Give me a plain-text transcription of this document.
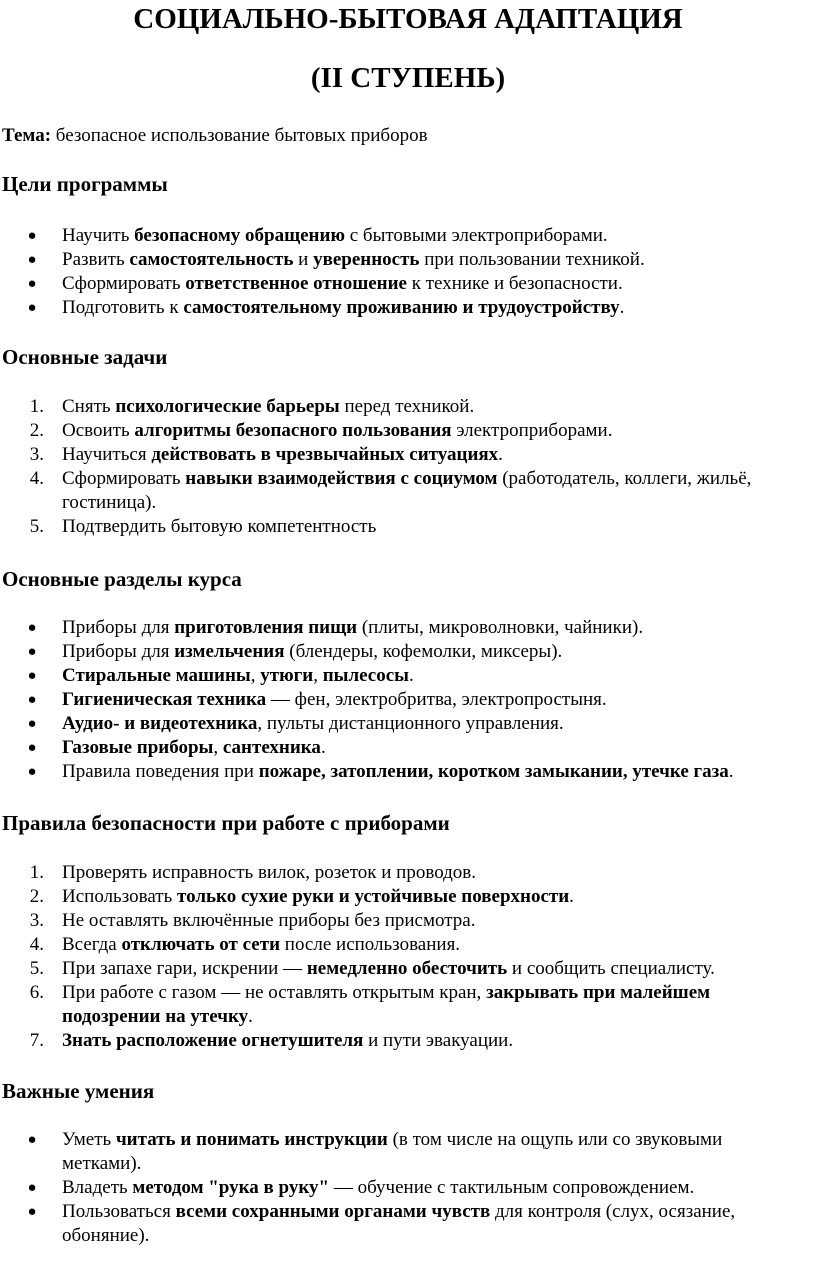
СОЦИАЛЬНО-БЫТОВАЯ АДАПТАЦИЯ
(II СТУПЕНЬ)
Тема: безопасное использование бытовых приборов
Цели программы
● Научить безопасному обращению с бытовыми электроприборами.
● Развить самостоятельность и уверенность при пользовании техникой.
● Сформировать ответственное отношение к технике и безопасности.
● Подготовить к самостоятельному проживанию и трудоустройству.
Основные задачи
1. Снять психологические барьеры перед техникой.
2. Освоить алгоритмы безопасного пользования электроприборами.
3. Научиться действовать в чрезвычайных ситуациях.
4. Сформировать навыки взаимодействия с социумом (работодатель, коллеги, жильё, гостиница).
5. Подтвердить бытовую компетентность
Основные разделы курса
● Приборы для приготовления пищи (плиты, микроволновки, чайники).
● Приборы для измельчения (блендеры, кофемолки, миксеры).
● Стиральные машины, утюги, пылесосы.
● Гигиеническая техника — фен, электробритва, электропростыня.
● Аудио- и видеотехника, пульты дистанционного управления.
● Газовые приборы, сантехника.
● Правила поведения при пожаре, затоплении, коротком замыкании, утечке газа.
Правила безопасности при работе с приборами
1. Проверять исправность вилок, розеток и проводов.
2. Использовать только сухие руки и устойчивые поверхности.
3. Не оставлять включённые приборы без присмотра.
4. Всегда отключать от сети после использования.
5. При запахе гари, искрении — немедленно обесточить и сообщить специалисту.
6. При работе с газом — не оставлять открытым кран, закрывать при малейшем подозрении на утечку.
7. Знать расположение огнетушителя и пути эвакуации.
Важные умения
● Уметь читать и понимать инструкции (в том числе на ощупь или со звуковыми метками).
● Владеть методом "рука в руку" — обучение с тактильным сопровождением.
● Пользоваться всеми сохранными органами чувств для контроля (слух, осязание, обоняние).
